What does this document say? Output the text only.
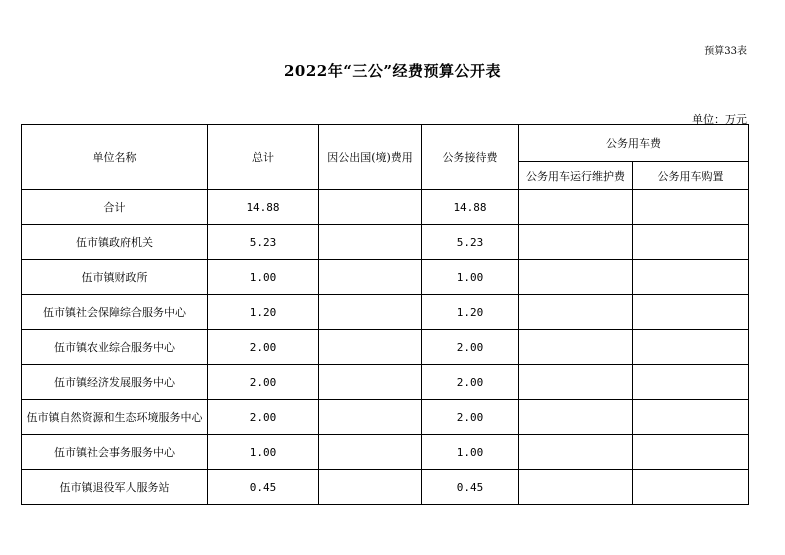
预算33表
2022年“三公”经费预算公开表
单位：万元
单位名称	总计	因公出国(境)费用	公务接待费	公务用车费	
				公务用车运行维护费	公务用车购置
合计	14.88		14.88		
伍市镇政府机关	5.23		5.23		
伍市镇财政所	1.00		1.00		
伍市镇社会保障综合服务中心	1.20		1.20		
伍市镇农业综合服务中心	2.00		2.00		
伍市镇经济发展服务中心	2.00		2.00		
伍市镇自然资源和生态环境服务中心	2.00		2.00		
伍市镇社会事务服务中心	1.00		1.00		
伍市镇退役军人服务站	0.45		0.45		
